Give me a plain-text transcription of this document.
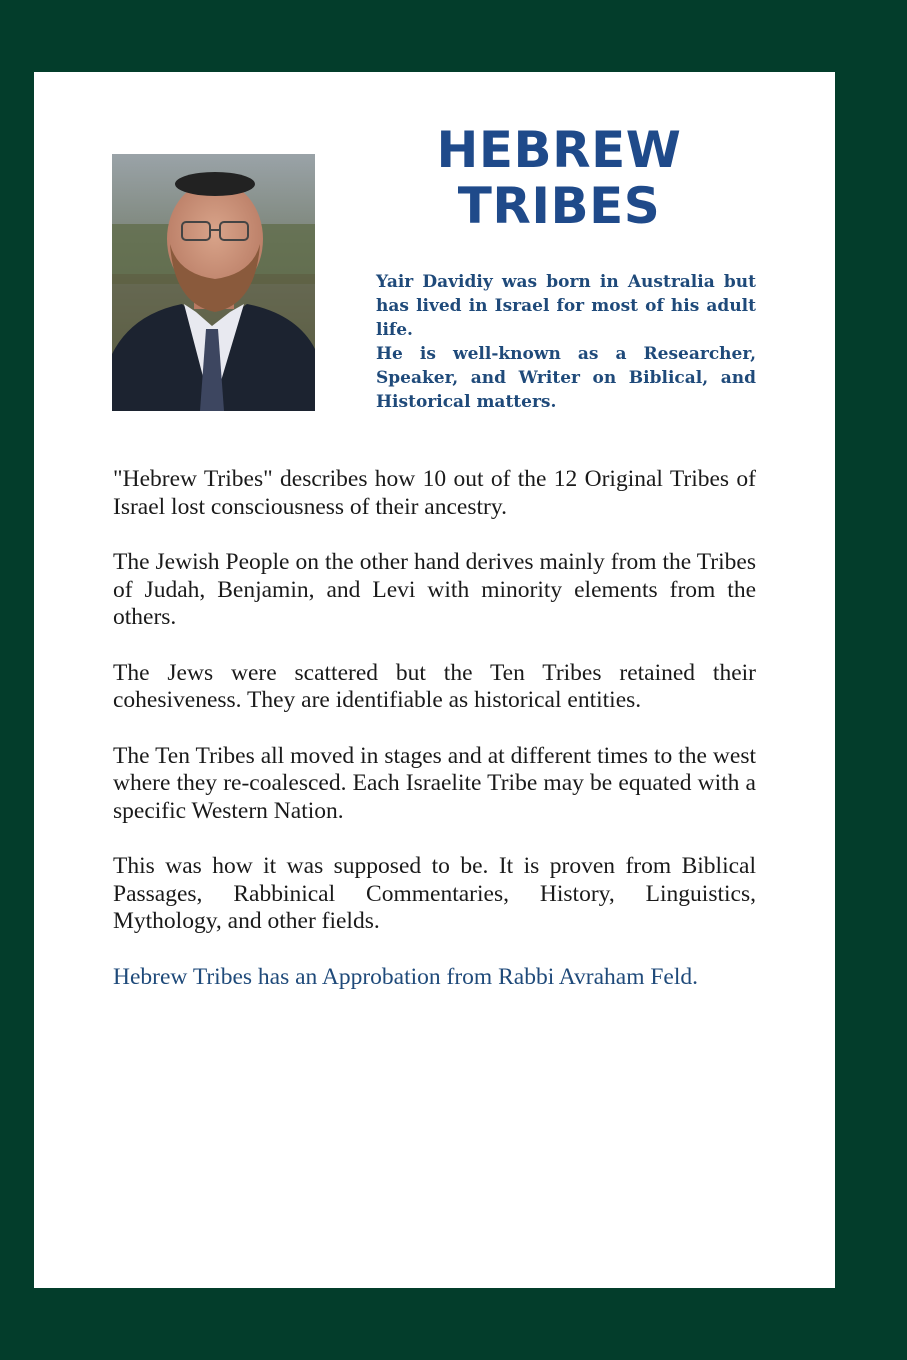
HEBREW
TRIBES

Yair Davidiy was born in Australia but has lived in Israel for most of his adult life.

He is well-known as a Researcher, Speaker, and Writer on Biblical, and Historical matters.

"Hebrew Tribes" describes how 10 out of the 12 Original Tribes of Israel lost consciousness of their ancestry.

The Jewish People on the other hand derives mainly from the Tribes of Judah, Benjamin, and Levi with minority elements from the others.

The Jews were scattered but the Ten Tribes retained their cohesiveness. They are identifiable as historical entities.

The Ten Tribes all moved in stages and at different times to the west where they re-coalesced. Each Israelite Tribe may be equated with a specific Western Nation.

This was how it was supposed to be. It is proven from Biblical Passages, Rabbinical Commentaries, History, Linguistics, Mythology, and other fields.

Hebrew Tribes has an Approbation from Rabbi Avraham Feld.
